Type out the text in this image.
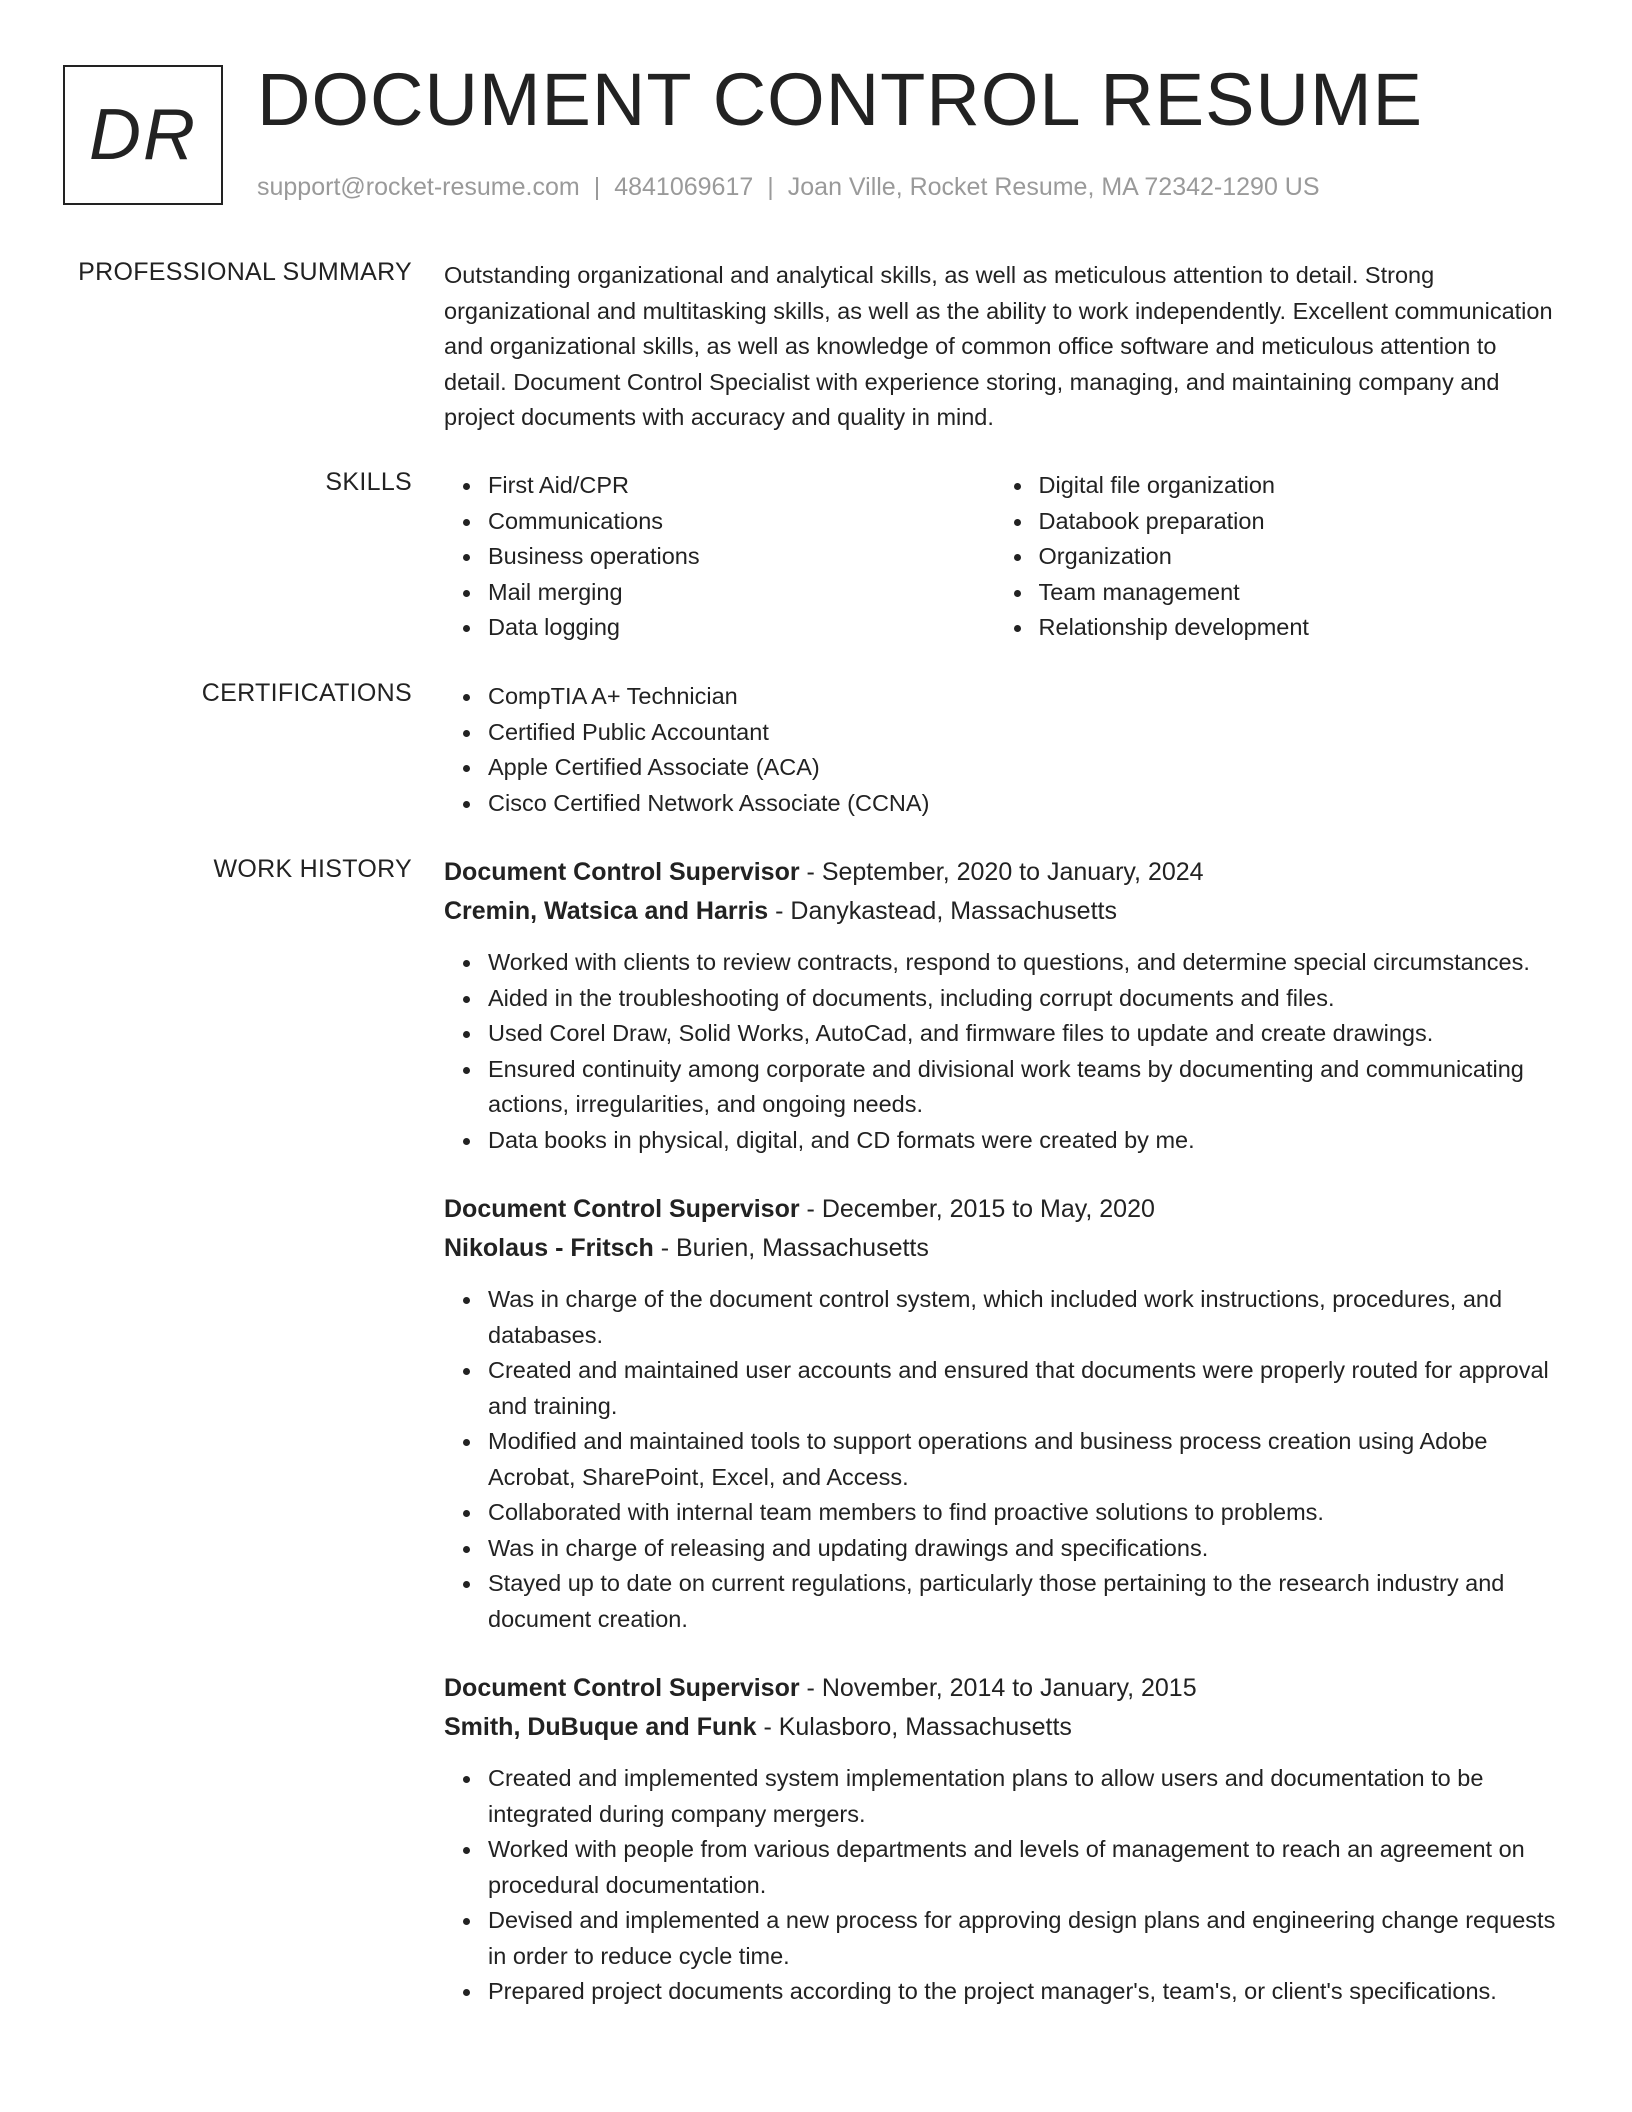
DR DOCUMENT CONTROL RESUME
support@rocket-resume.com | 4841069617 | Joan Ville, Rocket Resume, MA 72342-1290 US
PROFESSIONAL SUMMARY Outstanding organizational and analytical skills, as well as meticulous attention to detail. Strong organizational and multitasking skills, as well as the ability to work independently. Excellent communication and organizational skills, as well as knowledge of common office software and meticulous attention to detail. Document Control Specialist with experience storing, managing, and maintaining company and project documents with accuracy and quality in mind.

SKILLS	First Aid/CPR
Communications
Business operations
Mail merging
Data logging
Digital file organization
Databook preparation
Organization
Team management
Relationship development
CERTIFICATIONS	CompTIA A+ Technician
Certified Public Accountant
Apple Certified Associate (ACA)
Cisco Certified Network Associate (CCNA)
WORK HISTORY Document Control Supervisor - September, 2020 to January, 2024
Cremin, Watsica and Harris - Danykastead, Massachusetts
Worked with clients to review contracts, respond to questions, and determine special circumstances.
Aided in the troubleshooting of documents, including corrupt documents and files.
Used Corel Draw, Solid Works, AutoCad, and firmware files to update and create drawings.
Ensured continuity among corporate and divisional work teams by documenting and communicating actions, irregularities, and ongoing needs.
Data books in physical, digital, and CD formats were created by me.
Document Control Supervisor - December, 2015 to May, 2020
Nikolaus - Fritsch - Burien, Massachusetts
Was in charge of the document control system, which included work instructions, procedures, and databases.
Created and maintained user accounts and ensured that documents were properly routed for approval and training.
Modified and maintained tools to support operations and business process creation using Adobe Acrobat, SharePoint, Excel, and Access.
Collaborated with internal team members to find proactive solutions to problems.
Was in charge of releasing and updating drawings and specifications.
Stayed up to date on current regulations, particularly those pertaining to the research industry and document creation.
Document Control Supervisor - November, 2014 to January, 2015
Smith, DuBuque and Funk - Kulasboro, Massachusetts
Created and implemented system implementation plans to allow users and documentation to be integrated during company mergers.
Worked with people from various departments and levels of management to reach an agreement on procedural documentation.
Devised and implemented a new process for approving design plans and engineering change requests in order to reduce cycle time.
Prepared project documents according to the project manager's, team's, or client's specifications.
